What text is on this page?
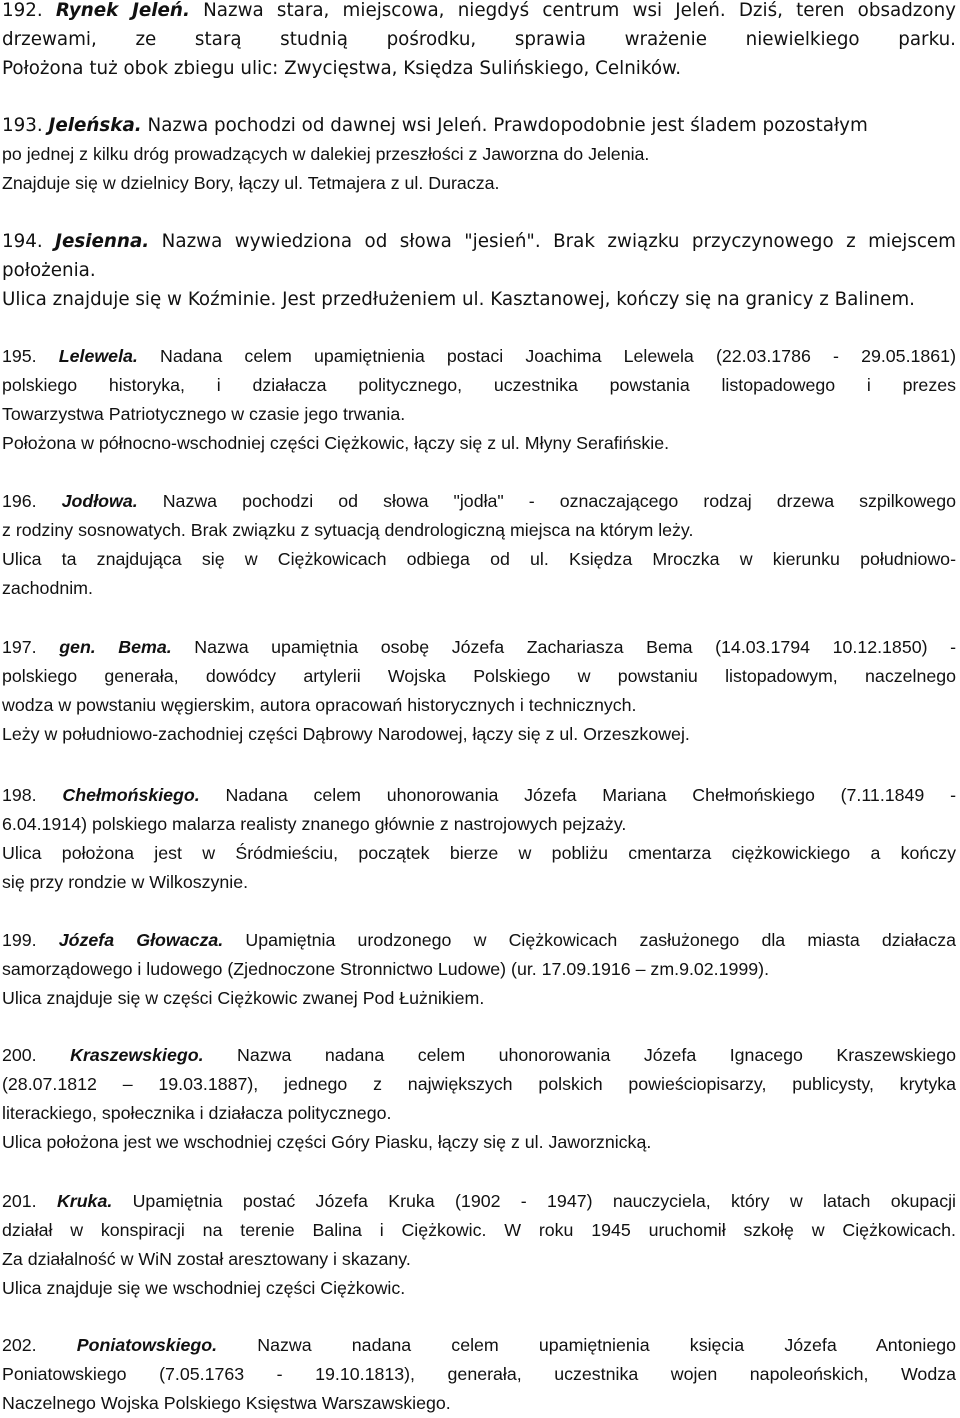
192. Rynek Jeleń. Nazwa stara, miejscowa, niegdyś centrum wsi Jeleń. Dziś, teren obsadzony
drzewami, ze starą studnią pośrodku, sprawia wrażenie niewielkiego parku.
Położona tuż obok zbiegu ulic: Zwycięstwa, Księdza Sulińskiego, Celników.
193. Jeleńska. Nazwa pochodzi od dawnej wsi Jeleń. Prawdopodobnie jest śladem pozostałym
po jednej z kilku dróg prowadzących w dalekiej przeszłości z Jaworzna do Jelenia.
Znajduje się w dzielnicy Bory, łączy ul. Tetmajera z ul. Duracza.
194. Jesienna. Nazwa wywiedziona od słowa "jesień". Brak związku przyczynowego z miejscem
położenia.
Ulica znajduje się w Koźminie. Jest przedłużeniem ul. Kasztanowej, kończy się na granicy z Balinem.
195. Lelewela. Nadana celem upamiętnienia postaci Joachima Lelewela (22.03.1786 - 29.05.1861)
polskiego historyka, i działacza politycznego, uczestnika powstania listopadowego i prezes
Towarzystwa Patriotycznego w czasie jego trwania.
Położona w północno-wschodniej części Ciężkowic, łączy się z ul. Młyny Serafińskie.
196. Jodłowa. Nazwa pochodzi od słowa "jodła" - oznaczającego rodzaj drzewa szpilkowego
z rodziny sosnowatych. Brak związku z sytuacją dendrologiczną miejsca na którym leży.
Ulica ta znajdująca się w Ciężkowicach odbiega od ul. Księdza Mroczka w kierunku południowo-
zachodnim.
197. gen. Bema. Nazwa upamiętnia osobę Józefa Zachariasza Bema (14.03.1794 10.12.1850) -
polskiego generała, dowódcy artylerii Wojska Polskiego w powstaniu listopadowym, naczelnego
wodza w powstaniu węgierskim, autora opracowań historycznych i technicznych.
Leży w południowo-zachodniej części Dąbrowy Narodowej, łączy się z ul. Orzeszkowej.
198. Chełmońskiego. Nadana celem uhonorowania Józefa Mariana Chełmońskiego (7.11.1849 -
6.04.1914) polskiego malarza realisty znanego głównie z nastrojowych pejzaży.
Ulica położona jest w Śródmieściu, początek bierze w pobliżu cmentarza ciężkowickiego a kończy
się przy rondzie w Wilkoszynie.
199. Józefa Głowacza. Upamiętnia urodzonego w Ciężkowicach zasłużonego dla miasta działacza
samorządowego i ludowego (Zjednoczone Stronnictwo Ludowe) (ur. 17.09.1916 – zm.9.02.1999).
Ulica znajduje się w części Ciężkowic zwanej Pod Łużnikiem.
200. Kraszewskiego. Nazwa nadana celem uhonorowania Józefa Ignacego Kraszewskiego
(28.07.1812 – 19.03.1887), jednego z największych polskich powieściopisarzy, publicysty, krytyka
literackiego, społecznika i działacza politycznego.
Ulica położona jest we wschodniej części Góry Piasku, łączy się z ul. Jaworznicką.
201. Kruka. Upamiętnia postać Józefa Kruka (1902 - 1947) nauczyciela, który w latach okupacji
działał w konspiracji na terenie Balina i Ciężkowic. W roku 1945 uruchomił szkołę w Ciężkowicach.
Za działalność w WiN został aresztowany i skazany.
Ulica znajduje się we wschodniej części Ciężkowic.
202. Poniatowskiego. Nazwa nadana celem upamiętnienia księcia Józefa Antoniego
Poniatowskiego (7.05.1763 - 19.10.1813), generała, uczestnika wojen napoleońskich, Wodza
Naczelnego Wojska Polskiego Księstwa Warszawskiego.
